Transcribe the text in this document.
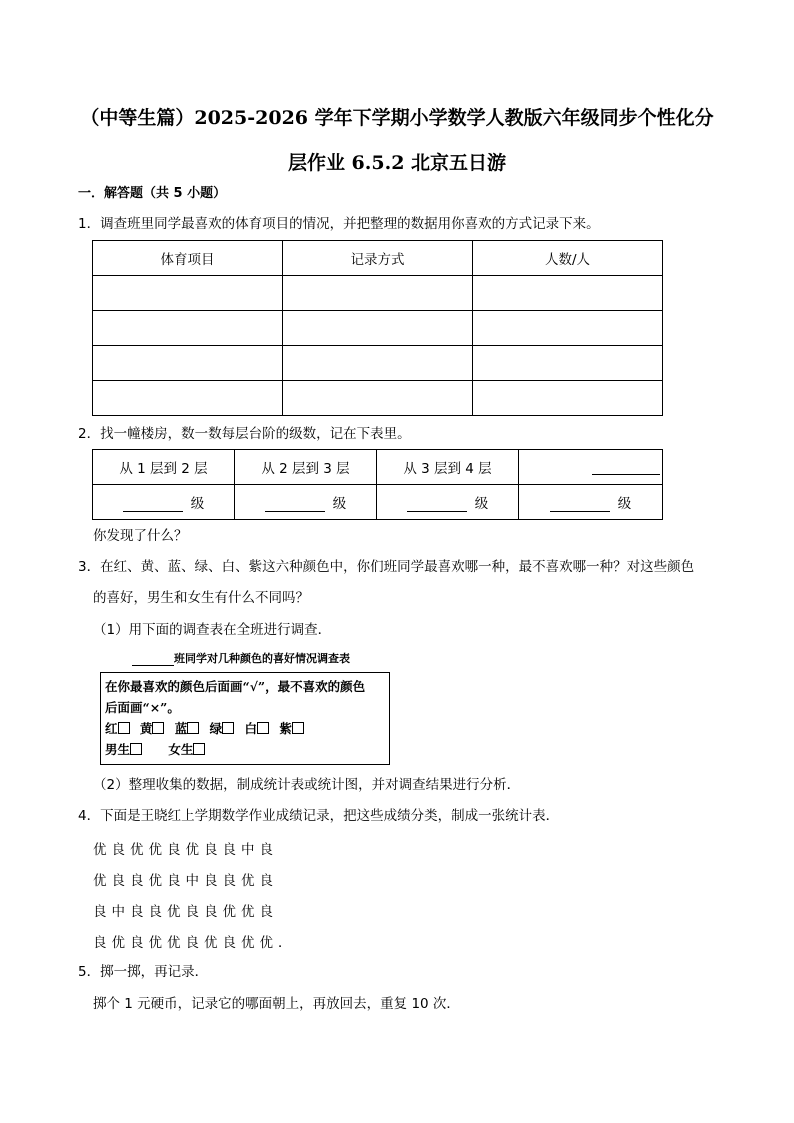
（中等生篇）2025-2026 学年下学期小学数学人教版六年级同步个性化分
层作业 6.5.2 北京五日游
一．解答题（共 5 小题）
1．调查班里同学最喜欢的体育项目的情况，并把整理的数据用你喜欢的方式记录下来。
体育项目	记录方式	人数/人

2．找一幢楼房，数一数每层台阶的级数，记在下表里。
从 1 层到 2 层	从 2 层到 3 层	从 3 层到 4 层	
级	级	级	级
你发现了什么？
3．在红、黄、蓝、绿、白、紫这六种颜色中，你们班同学最喜欢哪一种，最不喜欢哪一种？对这些颜色
的喜好，男生和女生有什么不同吗？
（1）用下面的调查表在全班进行调查．
班同学对几种颜色的喜好情况调查表
在你最喜欢的颜色后面画“√”，最不喜欢的颜色
后面画“×”。
红 黄 蓝 绿 白 紫
男生	女生
（2）整理收集的数据，制成统计表或统计图，并对调查结果进行分析．
4．下面是王晓红上学期数学作业成绩记录，把这些成绩分类，制成一张统计表．
优良优优良优良良中良
优良良优良中良良优良
良中良良优良良优优良
良优良优优良优良优优．
5．掷一掷，再记录．
掷个 1 元硬币，记录它的哪面朝上，再放回去，重复 10 次．
